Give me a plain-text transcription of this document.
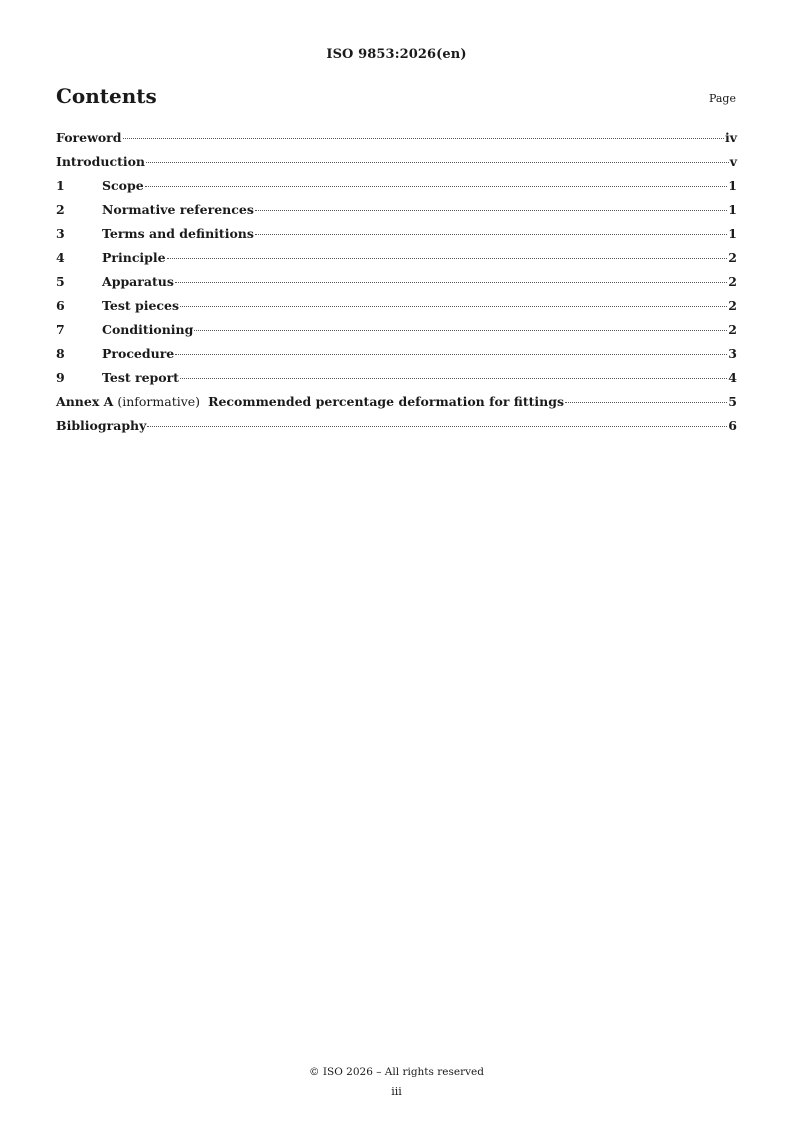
ISO 9853:2026(en)
Contents	Page
Foreword	iv
Introduction	v
1	Scope	1
2	Normative references	1
3	Terms and definitions	1
4	Principle	2
5	Apparatus	2
6	Test pieces	2
7	Conditioning	2
8	Procedure	3
9	Test report	4
Annex A (informative) Recommended percentage deformation for fittings	5
Bibliography	6
© ISO 2026 – All rights reserved
iii
